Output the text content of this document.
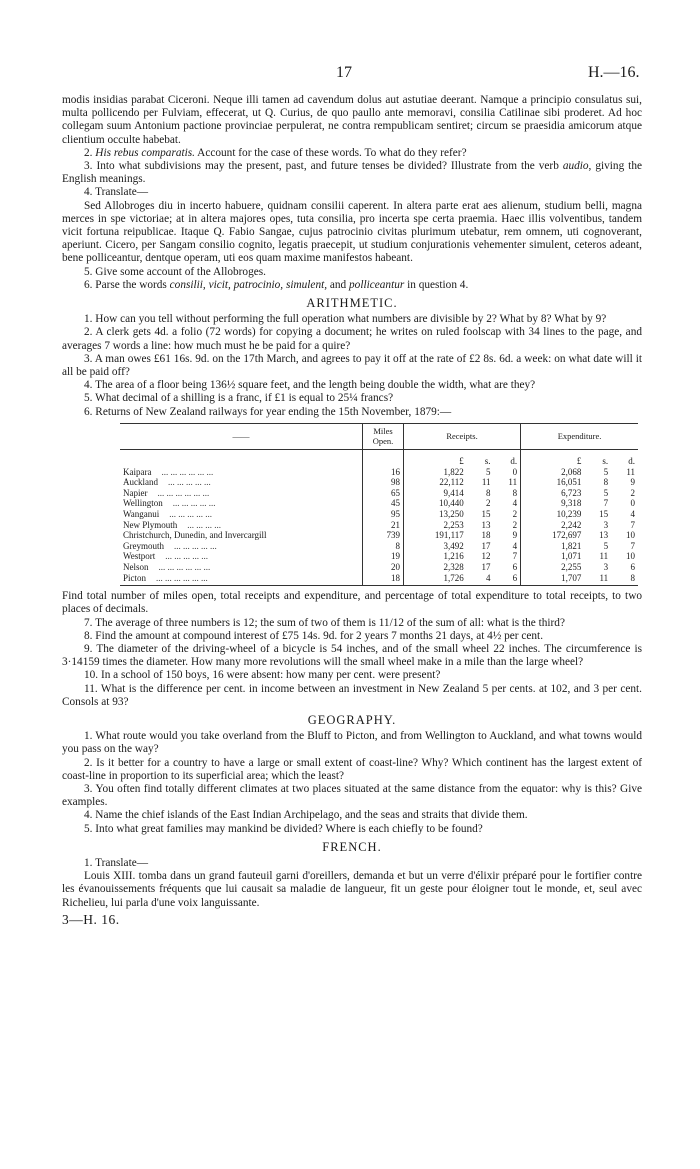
17	H.—16.

modis insidias parabat Ciceroni. Neque illi tamen ad cavendum dolus aut astutiae deerant. Namque a principio consulatus sui, multa pollicendo per Fulviam, effecerat, ut Q. Curius, de quo paullo ante memoravi, consilia Catilinae sibi proderet. Ad hoc collegam suum Antonium pactione provinciae perpulerat, ne contra rempublicam sentiret; circum se praesidia amicorum atque clientium occulte habebat.

2. His rebus comparatis. Account for the case of these words. To what do they refer?

3. Into what subdivisions may the present, past, and future tenses be divided? Illustrate from the verb audio, giving the English meanings.

4. Translate—

Sed Allobroges diu in incerto habuere, quidnam consilii caperent. In altera parte erat aes alienum, studium belli, magna merces in spe victoriae; at in altera majores opes, tuta consilia, pro incerta spe certa praemia. Haec illis volventibus, tandem vicit fortuna reipublicae. Itaque Q. Fabio Sangae, cujus patrocinio civitas plurimum utebatur, rem omnem, uti cognoverant, aperiunt. Cicero, per Sangam consilio cognito, legatis praecepit, ut studium conjurationis vehementer simulent, ceteros adeant, bene polliceantur, dentque operam, uti eos quam maxime manifestos habeant.

5. Give some account of the Allobroges.

6. Parse the words consilii, vicit, patrocinio, simulent, and polliceantur in question 4.

ARITHMETIC.

1. How can you tell without performing the full operation what numbers are divisible by 2? What by 8? What by 9?

2. A clerk gets 4d. a folio (72 words) for copying a document; he writes on ruled foolscap with 34 lines to the page, and averages 7 words a line: how much must he be paid for a quire?

3. A man owes £61 16s. 9d. on the 17th March, and agrees to pay it off at the rate of £2 8s. 6d. a week: on what date will it all be paid off?

4. The area of a floor being 136½ square feet, and the length being double the width, what are they?

5. What decimal of a shilling is a franc, if £1 is equal to 25¼ francs?

6. Returns of New Zealand railways for year ending the 15th November, 1879:—

——	Miles Open.	Receipts.			Expenditure.		
		£	s.	d.	£	s.	d.
Kaipara ... ... ... ... ... ...	16	1,822	5	0	2,068	5	11
Auckland ... ... ... ... ...	98	22,112	11	11	16,051	8	9
Napier ... ... ... ... ... ...	65	9,414	8	8	6,723	5	2
Wellington ... ... ... ... ...	45	10,440	2	4	9,318	7	0
Wanganui ... ... ... ... ...	95	13,250	15	2	10,239	15	4
New Plymouth ... ... ... ...	21	2,253	13	2	2,242	3	7
Christchurch, Dunedin, and Invercargill	739	191,117	18	9	172,697	13	10
Greymouth ... ... ... ... ...	8	3,492	17	4	1,821	5	7
Westport ... ... ... ... ...	19	1,216	12	7	1,071	11	10
Nelson ... ... ... ... ... ...	20	2,328	17	6	2,255	3	6
Picton ... ... ... ... ... ...	18	1,726	4	6	1,707	11	8

Find total number of miles open, total receipts and expenditure, and percentage of total expenditure to total receipts, to two places of decimals.

7. The average of three numbers is 12; the sum of two of them is 11/12 of the sum of all: what is the third?

8. Find the amount at compound interest of £75 14s. 9d. for 2 years 7 months 21 days, at 4½ per cent.

9. The diameter of the driving-wheel of a bicycle is 54 inches, and of the small wheel 22 inches. The circumference is 3·14159 times the diameter. How many more revolutions will the small wheel make in a mile than the large wheel?

10. In a school of 150 boys, 16 were absent: how many per cent. were present?

11. What is the difference per cent. in income between an investment in New Zealand 5 per cents. at 102, and 3 per cent. Consols at 93?

GEOGRAPHY.

1. What route would you take overland from the Bluff to Picton, and from Wellington to Auckland, and what towns would you pass on the way?

2. Is it better for a country to have a large or small extent of coast-line? Why? Which continent has the largest extent of coast-line in proportion to its superficial area; which the least?

3. You often find totally different climates at two places situated at the same distance from the equator: why is this? Give examples.

4. Name the chief islands of the East Indian Archipelago, and the seas and straits that divide them.

5. Into what great families may mankind be divided? Where is each chiefly to be found?

FRENCH.

1. Translate—

Louis XIII. tomba dans un grand fauteuil garni d'oreillers, demanda et but un verre d'élixir préparé pour le fortifier contre les évanouissements fréquents que lui causait sa maladie de langueur, fit un geste pour éloigner tout le monde, et, seul avec Richelieu, lui parla d'une voix languissante.

3—H. 16.
